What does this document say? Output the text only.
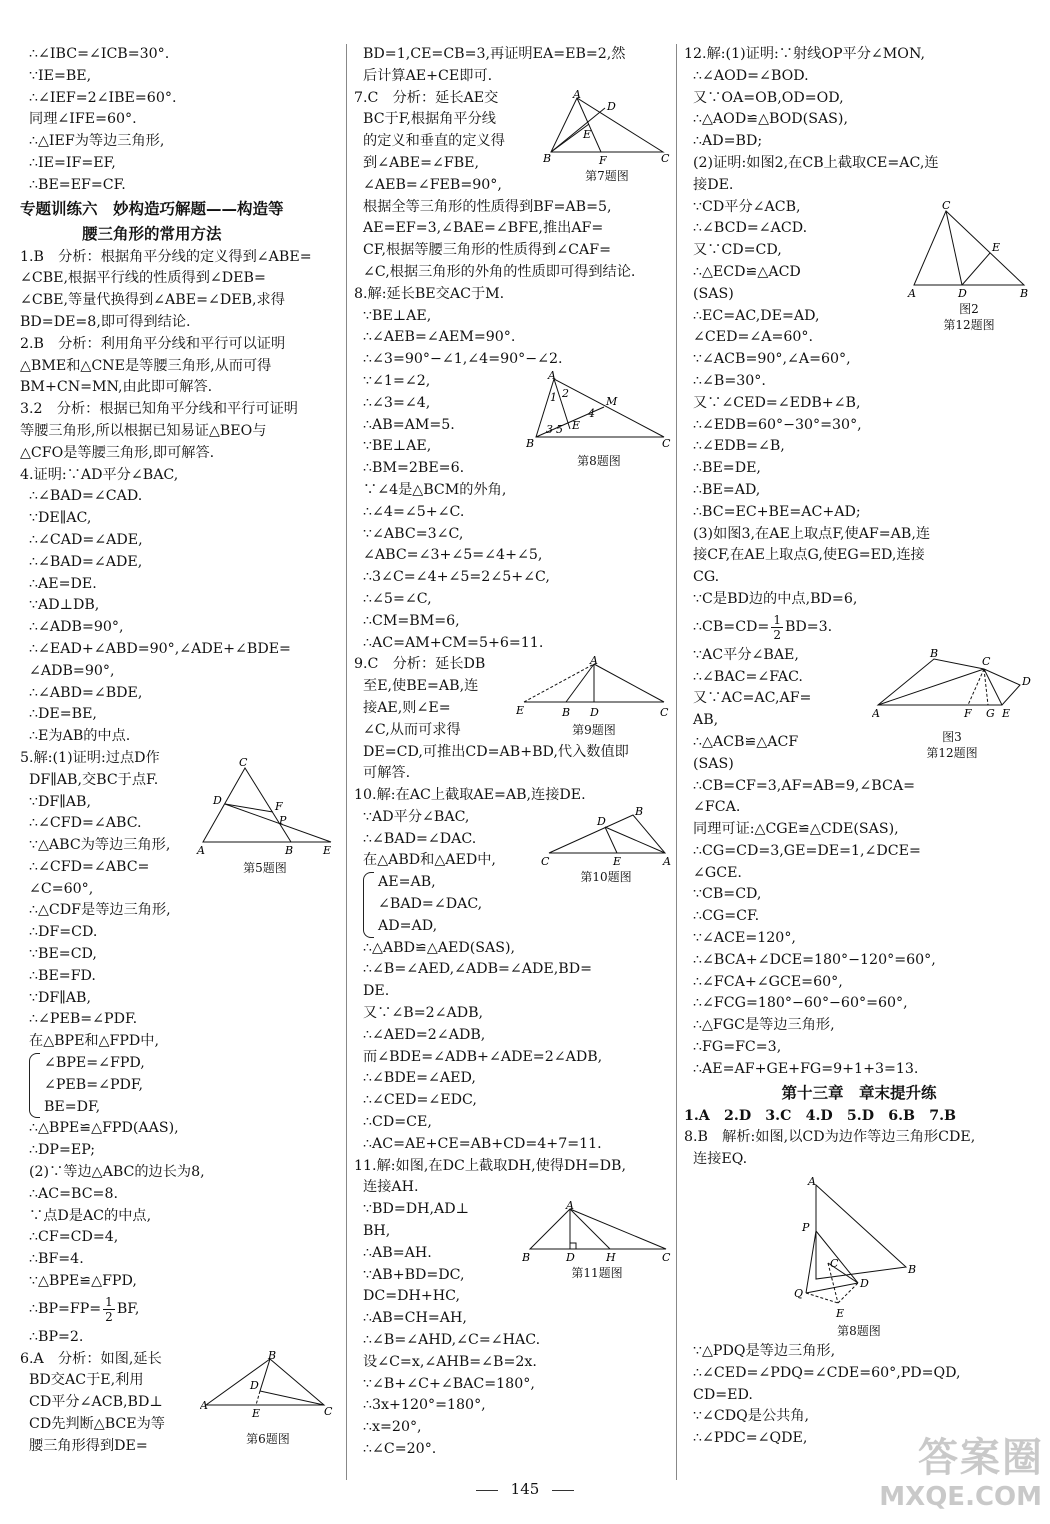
∴∠IBC=∠ICB=30°.
∵IE=BE,
∴∠IEF=2∠IBE=60°.
同理∠IFE=60°.
∴△IEF为等边三角形,
∴IE=IF=EF,
∴BE=EF=CF.
专题训练六　妙构造巧解题——构造等
腰三角形的常用方法
1.B　分析：根据角平分线的定义得到∠ABE=
∠CBE,根据平行线的性质得到∠DEB=
∠CBE,等量代换得到∠ABE=∠DEB,求得
BD=DE=8,即可得到结论.
2.B　分析：利用角平分线和平行可以证明
△BME和△CNE是等腰三角形,从而可得
BM+CN=MN,由此即可解答.
3.2　分析：根据已知角平分线和平行可证明
等腰三角形,所以根据已知易证△BEO与
△CFO是等腰三角形,即可解答.
4.证明:∵AD平分∠BAC,
∴∠BAD=∠CAD.
∵DE∥AC,
∴∠CAD=∠ADE,
∴∠BAD=∠ADE,
∴AE=DE.
∵AD⊥DB,
∴∠ADB=90°,
∴∠EAD+∠ABD=90°,∠ADE+∠BDE=
∠ADB=90°,
∴∠ABD=∠BDE,
∴DE=BE,
∴E为AB的中点.
C
D	F
P
A	B	E
第5题图
5.解:(1)证明:过点D作
DF∥AB,交BC于点F.
∵DF∥AB,
∴∠CFD=∠ABC.
∵△ABC为等边三角形,
∴∠CFD=∠ABC=
∠C=60°,
∴△CDF是等边三角形,
∴DF=CD.
∵BE=CD,
∴BE=FD.
∵DF∥AB,
∴∠PEB=∠PDF.
在△BPE和△FPD中,
∠BPE=∠FPD,
∠PEB=∠PDF,
BE=DF,
∴△BPE≌△FPD(AAS),
∴DP=EP;
(2)∵等边△ABC的边长为8,
∴AC=BC=8.
∵点D是AC的中点,
∴CF=CD=4,
∴BF=4.
∵△BPE≌△FPD,
∴BP=FP= $\frac{1}{2}$ BF,
∴BP=2.
B
D
A
E	C
第6题图
6.A　分析：如图,延长
BD交AC于E,利用
CD平分∠ACB,BD⊥
CD先判断△BCE为等
腰三角形得到DE=
BD=1,CE=CB=3,再证明EA=EB=2,然
后计算AE+CE即可.
A
D
E
B	F	C
第7题图
7.C　分析：延长AE交
BC于F,根据角平分线
的定义和垂直的定义得
到∠ABE=∠FBE,
∠AEB=∠FEB=90°,
根据全等三角形的性质得到BF=AB=5,
AE=EF=3,∠BAE=∠BFE,推出AF=
CF,根据等腰三角形的性质得到∠CAF=
∠C,根据三角形的外角的性质即可得到结论.
8.解:延长BE交AC于M.
∵BE⊥AE,
∴∠AEB=∠AEM=90°.
∴∠3=90°−∠1,∠4=90°−∠2.
A
M
1 2
4
3 5 E
B	C
第8题图
∵∠1=∠2,
∴∠3=∠4,
∴AB=AM=5.
∵BE⊥AE,
∴BM=2BE=6.
∵∠4是△BCM的外角,
∴∠4=∠5+∠C.
∵∠ABC=3∠C,
∠ABC=∠3+∠5=∠4+∠5,
∴3∠C=∠4+∠5=2∠5+∠C,
∴∠5=∠C,
∴CM=BM=6,
∴AC=AM+CM=5+6=11.
A
E	B D	C
第9题图
9.C　分析：延长DB
至E,使BE=AB,连
接AE,则∠E=
∠C,从而可求得
DE=CD,可推出CD=AB+BD,代入数值即
可解答.
10.解:在AC上截取AE=AB,连接DE.
B
D
C	E	A
第10题图
∵AD平分∠BAC,
∴∠BAD=∠DAC.
在△ABD和△AED中,
AE=AB,
∠BAD=∠DAC,
AD=AD,
∴△ABD≌△AED(SAS),
∴∠B=∠AED,∠ADB=∠ADE,BD=
DE.
又∵∠B=2∠ADB,
∴∠AED=2∠ADB,
而∠BDE=∠ADB+∠ADE=2∠ADB,
∴∠BDE=∠AED,
∴∠CED=∠EDC,
∴CD=CE,
∴AC=AE+CE=AB+CD=4+7=11.
11.解:如图,在DC上截取DH,使得DH=DB,
连接AH.
A
B	D	H	C
第11题图
∵BD=DH,AD⊥
BH,
∴AB=AH.
∵AB+BD=DC,
DC=DH+HC,
∴AB=CH=AH,
∴∠B=∠AHD,∠C=∠HAC.
设∠C=x,∠AHB=∠B=2x.
∵∠B+∠C+∠BAC=180°,
∴3x+120°=180°,
∴x=20°,
∴∠C=20°.
12.解:(1)证明:∵射线OP平分∠MON,
∴∠AOD=∠BOD.
又∵OA=OB,OD=OD,
∴△AOD≌△BOD(SAS),
∴AD=BD;
(2)证明:如图2,在CB上截取CE=AC,连
接DE.
C
E
A	D	B
图2
第12题图
∵CD平分∠ACB,
∴∠BCD=∠ACD.
又∵CD=CD,
∴△ECD≌△ACD
(SAS)
∴EC=AC,DE=AD,
∠CED=∠A=60°.
∵∠ACB=90°,∠A=60°,
∴∠B=30°.
又∵∠CED=∠EDB+∠B,
∴∠EDB=60°−30°=30°,
∴∠EDB=∠B,
∴BE=DE,
∴BE=AD,
∴BC=EC+BE=AC+AD;
(3)如图3,在AE上取点F,使AF=AB,连
接CF,在AE上取点G,使EG=ED,连接
CG.
∵C是BD边的中点,BD=6,
∴CB=CD= $\frac{1}{2} BD=3$.
B
C
D
A	F G E
图3
第12题图
∵AC平分∠BAE,
∴∠BAC=∠FAC.
又∵AC=AC,AF=
AB,
∴△ACB≌△ACF
(SAS)
∴CB=CF=3,AF=AB=9,∠BCA=
∠FCA.
同理可证:△CGE≌△CDE(SAS),
∴CG=CD=3,GE=DE=1,∠DCE=
∠GCE.
∵CB=CD,
∴CG=CF.
∵∠ACE=120°,
∴∠BCA+∠DCE=180°−120°=60°,
∴∠FCA+∠GCE=60°,
∴∠FCG=180°−60°−60°=60°,
∴△FGC是等边三角形,
∴FG=FC=3,
∴AE=AF+GE+FG=9+1+3=13.
第十三章　章末提升练
1.A　2.D　3.C　4.D　5.D　6.B　7.B
8.B　解析:如图,以CD为边作等边三角形CDE,
连接EQ.
A
P
C
D
B
Q
E
第8题图
∵△PDQ是等边三角形,
∴∠CED=∠PDQ=∠CDE=60°,PD=QD,
CD=ED.
∵∠CDQ是公共角,
∴∠PDC=∠QDE,
145
答案圈
MXQE.COM
